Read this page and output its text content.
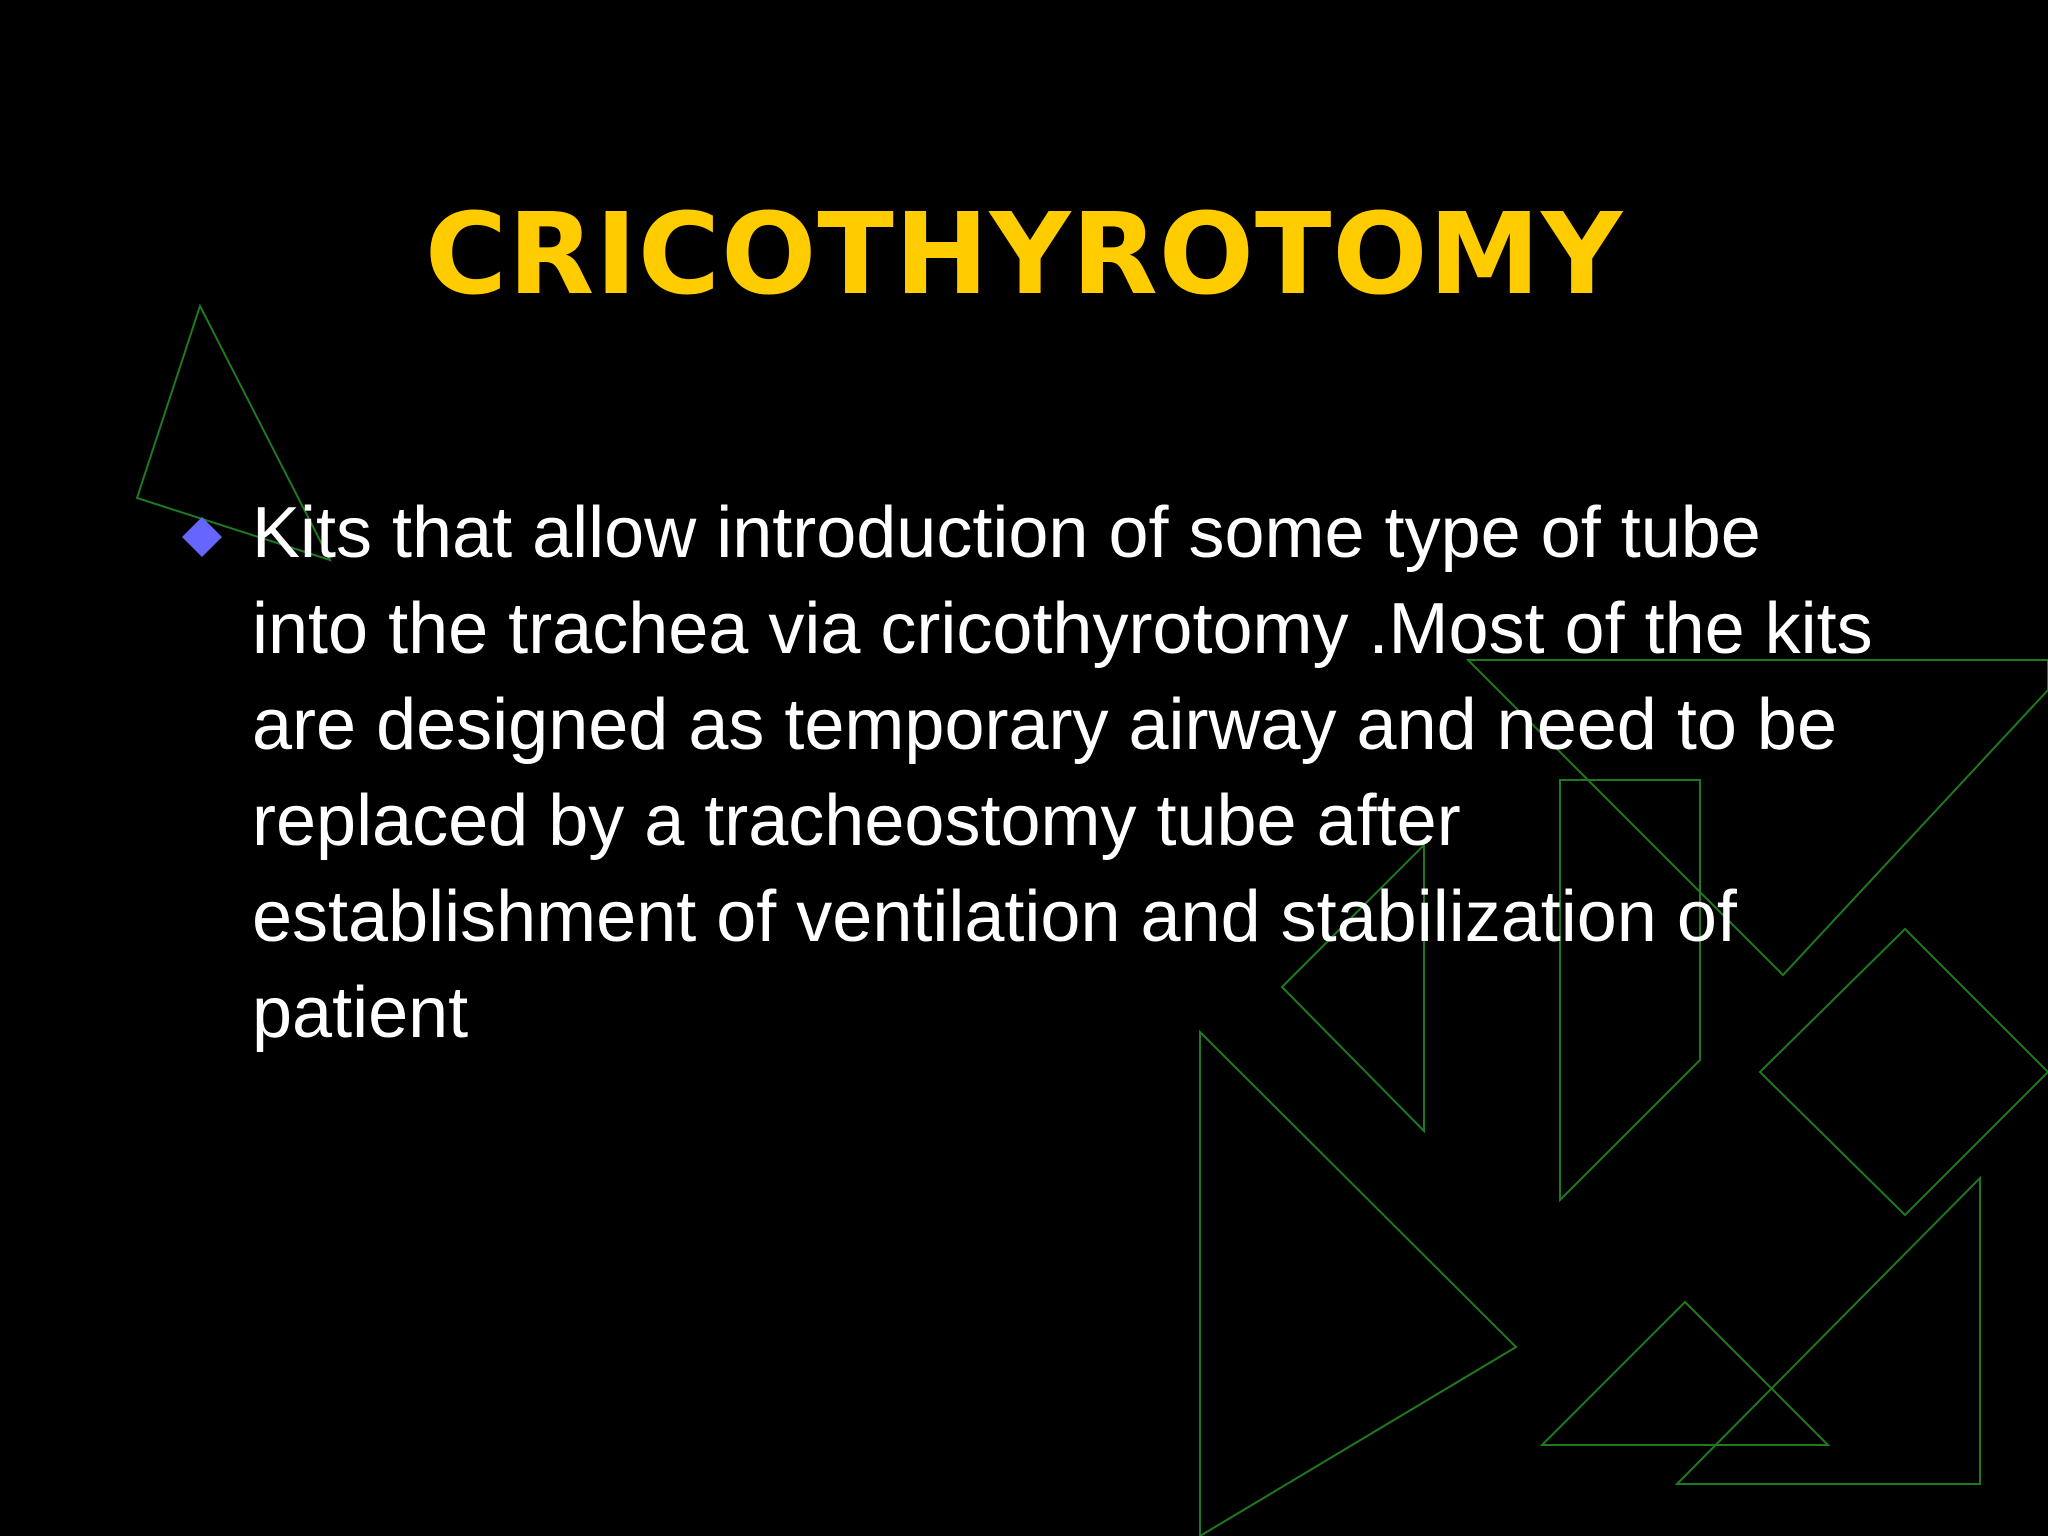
CRICOTHYROTOMY
Kits that allow introduction of some type of tube into the trachea via cricothyrotomy .Most of the kits are designed as temporary airway and need to be replaced by a tracheostomy tube after establishment of ventilation and stabilization of patient
